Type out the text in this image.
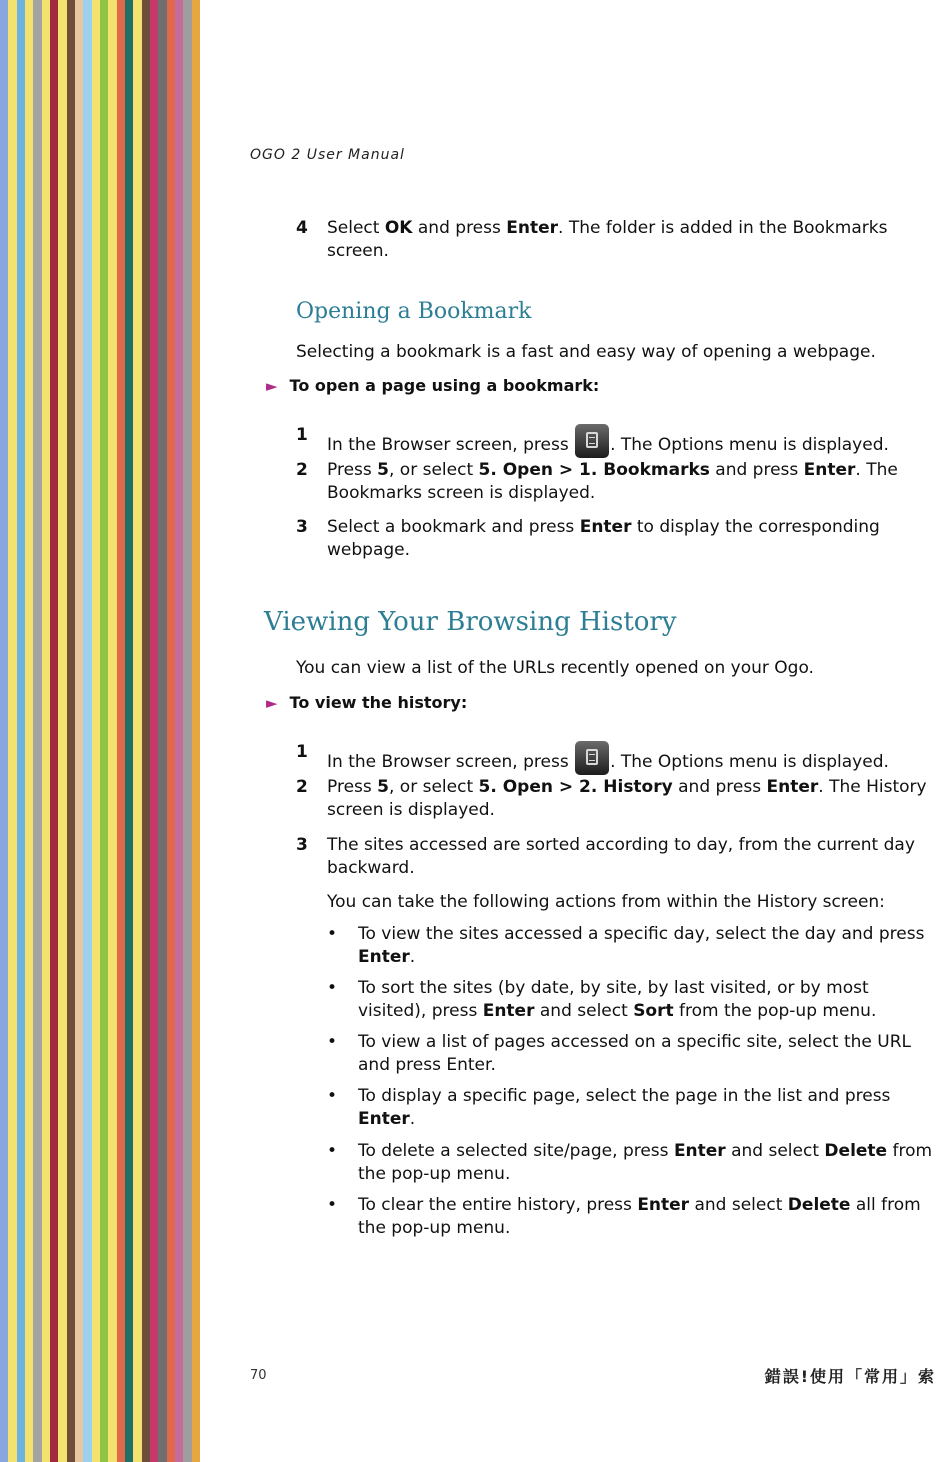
OGO 2 User Manual
4 Select OK and press Enter. The folder is added in the Bookmarks screen.
Opening a Bookmark
Selecting a bookmark is a fast and easy way of opening a webpage.
► To open a page using a bookmark:
1 In the Browser screen, press . The Options menu is displayed.
2 Press 5, or select 5. Open > 1. Bookmarks and press Enter. The Bookmarks screen is displayed.
3 Select a bookmark and press Enter to display the corresponding webpage.
Viewing Your Browsing History
You can view a list of the URLs recently opened on your Ogo.
► To view the history:
1 In the Browser screen, press . The Options menu is displayed.
2 Press 5, or select 5. Open > 2. History and press Enter. The History screen is displayed.
3 The sites accessed are sorted according to day, from the current day backward.
You can take the following actions from within the History screen:
• To view the sites accessed a specific day, select the day and press Enter.
• To sort the sites (by date, by site, by last visited, or by most visited), press Enter and select Sort from the pop-up menu.
• To view a list of pages accessed on a specific site, select the URL and press Enter.
• To display a specific page, select the page in the list and press Enter.
• To delete a selected site/page, press Enter and select Delete from the pop-up menu.
• To clear the entire history, press Enter and select Delete all from the pop-up menu.
70	錯誤!使用「常用」索
